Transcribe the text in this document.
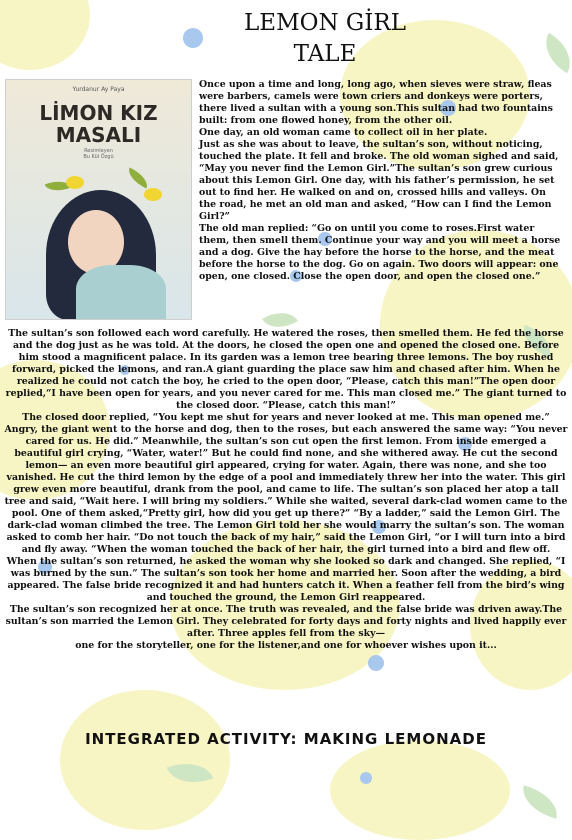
LEMON GİRL
TALE
Yurdanur Ay Paya
LİMON KIZ
MASALI
Resimleyen
Bu Kül Özgü

Once upon a time and long, long ago, when sieves were straw, fleas were barbers, camels were town criers and donkeys were porters, there lived a sultan with a young son.This sultan had two fountains built: from one flowed honey, from the other oil.

One day, an old woman came to collect oil in her plate.

Just as she was about to leave, the sultan’s son, without noticing, touched the plate. It fell and broke. The old woman sighed and said, “May you never find the Lemon Girl.”The sultan’s son grew curious about this Lemon Girl. One day, with his father’s permission, he set out to find her. He walked on and on, crossed hills and valleys. On the road, he met an old man and asked, “How can I find the Lemon Girl?”

The old man replied: “Go on until you come to roses.First water them, then smell them. Continue your way and you will meet a horse and a dog. Give the hay before the horse to the horse, and the meat before the horse to the dog. Go on again. Two doors will appear: one open, one closed. Close the open door, and open the closed one.”

The sultan’s son followed each word carefully. He watered the roses, then smelled them. He fed the horse and the dog just as he was told. At the doors, he closed the open one and opened the closed one. Before him stood a magnificent palace. In its garden was a lemon tree bearing three lemons. The boy rushed forward, picked the lemons, and ran.A giant guarding the place saw him and chased after him. When he realized he could not catch the boy, he cried to the open door, “Please, catch this man!”The open door replied,“I have been open for years, and you never cared for me. This man closed me.” The giant turned to the closed door. “Please, catch this man!”

The closed door replied, “You kept me shut for years and never looked at me. This man opened me.” Angry, the giant went to the horse and dog, then to the roses, but each answered the same way: “You never cared for us. He did.” Meanwhile, the sultan’s son cut open the first lemon. From inside emerged a beautiful girl crying, “Water, water!” But he could find none, and she withered away. He cut the second lemon— an even more beautiful girl appeared, crying for water. Again, there was none, and she too vanished. He cut the third lemon by the edge of a pool and immediately threw her into the water. This girl grew even more beautiful, drank from the pool, and came to life. The sultan’s son placed her atop a tall tree and said, “Wait here. I will bring my soldiers.” While she waited, several dark-clad women came to the pool. One of them asked,“Pretty girl, how did you get up there?” “By a ladder,” said the Lemon Girl. The dark-clad woman climbed the tree. The Lemon Girl told her she would marry the sultan’s son. The woman asked to comb her hair. “Do not touch the back of my hair,” said the Lemon Girl, “or I will turn into a bird and fly away. “When the woman touched the back of her hair, the girl turned into a bird and flew off.

When the sultan’s son returned, he asked the woman why she looked so dark and changed. She replied, “I was burned by the sun.” The sultan’s son took her home and married her. Soon after the wedding, a bird appeared. The false bride recognized it and had hunters catch it. When a feather fell from the bird’s wing and touched the ground, the Lemon Girl reappeared.

The sultan’s son recognized her at once. The truth was revealed, and the false bride was driven away.The sultan’s son married the Lemon Girl. They celebrated for forty days and forty nights and lived happily ever after. Three apples fell from the sky—

one for the storyteller, one for the listener,and one for whoever wishes upon it...

INTEGRATED ACTIVITY: MAKING LEMONADE
